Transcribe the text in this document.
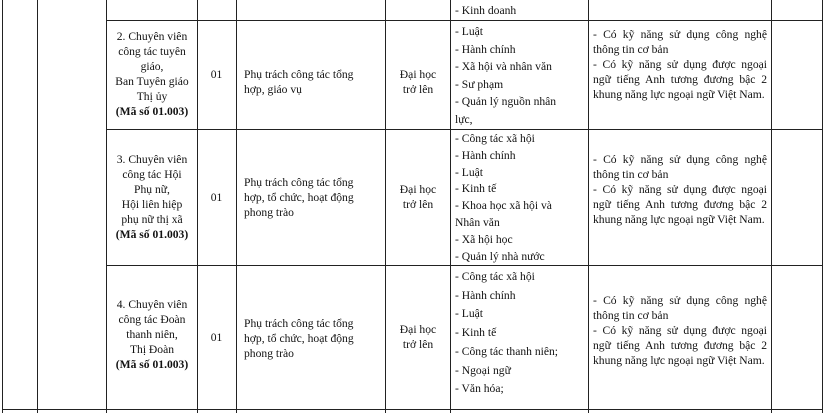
- Kinh doanh
2. Chuyên viên
công tác tuyên
giáo,
Ban Tuyên giáo
Thị ủy
(Mã số 01.003)
01	Phụ trách công tác tổng hợp, giáo vụ
Đại học
trở lên
- Luật
- Hành chính
- Xã hội và nhân văn
- Sư phạm
- Quản lý nguồn nhân
lực,
- Có kỹ năng sử dụng công nghệ thông tin cơ bản
- Có kỹ năng sử dụng được ngoại ngữ tiếng Anh tương đương bậc 2 khung năng lực ngoại ngữ Việt Nam.
3. Chuyên viên
công tác Hội
Phụ nữ,
Hội liên hiệp
phụ nữ thị xã
(Mã số 01.003)
01
Phụ trách công tác tổng hợp, tổ chức, hoạt động phong trào
Đại học
trở lên
- Công tác xã hội
- Hành chính
- Luật
- Kinh tế
- Khoa học xã hội và
Nhân văn
- Xã hội học
- Quản lý nhà nước
- Có kỹ năng sử dụng công nghệ thông tin cơ bản
- Có kỹ năng sử dụng được ngoại ngữ tiếng Anh tương đương bậc 2 khung năng lực ngoại ngữ Việt Nam.
4. Chuyên viên
công tác Đoàn
thanh niên,
Thị Đoàn
(Mã số 01.003)
01
Phụ trách công tác tổng hợp, tổ chức, hoạt động phong trào
Đại học
trở lên
- Công tác xã hội
- Hành chính
- Luật
- Kinh tế
- Công tác thanh niên;
- Ngoại ngữ
- Văn hóa;
- Có kỹ năng sử dụng công nghệ thông tin cơ bản
- Có kỹ năng sử dụng được ngoại ngữ tiếng Anh tương đương bậc 2 khung năng lực ngoại ngữ Việt Nam.
